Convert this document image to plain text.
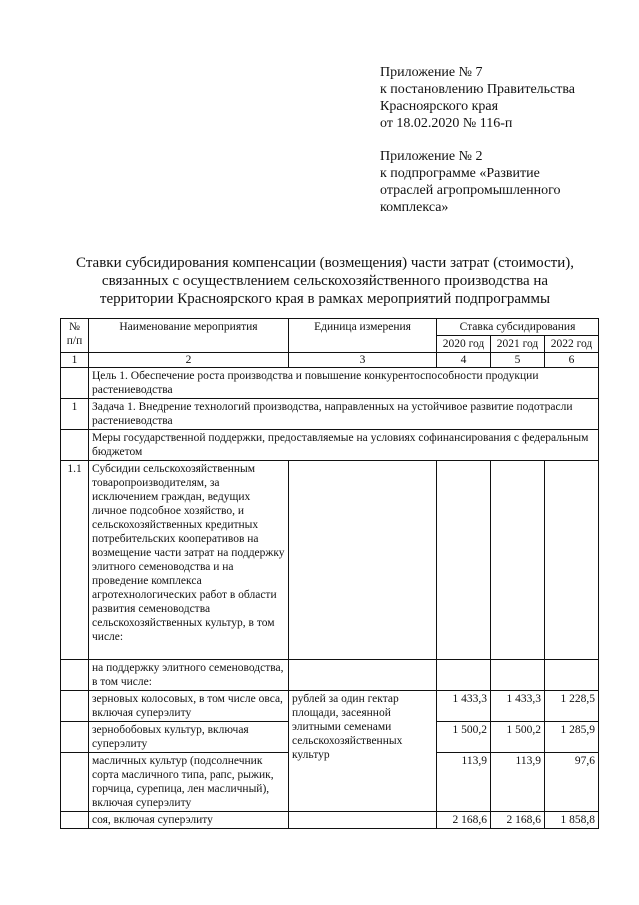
Приложение № 7
к постановлению Правительства
Красноярского края
от 18.02.2020 № 116-п
Приложение № 2
к подпрограмме «Развитие
отраслей агропромышленного
комплекса»
Ставки субсидирования компенсации (возмещения) части затрат (стоимости),
связанных с осуществлением сельскохозяйственного производства на
территории Красноярского края в рамках мероприятий подпрограммы
№ п/п	Наименование мероприятия	Единица измерения	Ставка субсидирования		
			2020 год	2021 год	2022 год
1	2	3	4	5	6
	Цель 1. Обеспечение роста производства и повышение конкурентоспособности продукции растениеводства				
1	Задача 1. Внедрение технологий производства, направленных на устойчивое развитие подотрасли растениеводства				
	Меры государственной поддержки, предоставляемые на условиях софинансирования с федеральным бюджетом				
1.1	Субсидии сельскохозяйственным товаропроизводителям, за исключением граждан, ведущих личное подсобное хозяйство, и сельскохозяйственных кредитных потребительских кооперативов на возмещение части затрат на поддержку элитного семеноводства и на проведение комплекса агротехнологических работ в области развития семеноводства сельскохозяйственных культур, в том числе:				
	на поддержку элитного семеноводства, в том числе:				
	зерновых колосовых, в том числе овса, включая суперэлиту	рублей за один гектар площади, засеянной элитными семенами сельскохозяйственных культур	1 433,3	1 433,3	1 228,5
	зернобобовых культур, включая суперэлиту		1 500,2	1 500,2	1 285,9
	масличных культур (подсолнечник сорта масличного типа, рапс, рыжик, горчица, сурепица, лен масличный), включая суперэлиту		113,9	113,9	97,6
	соя, включая суперэлиту		2 168,6	2 168,6	1 858,8
